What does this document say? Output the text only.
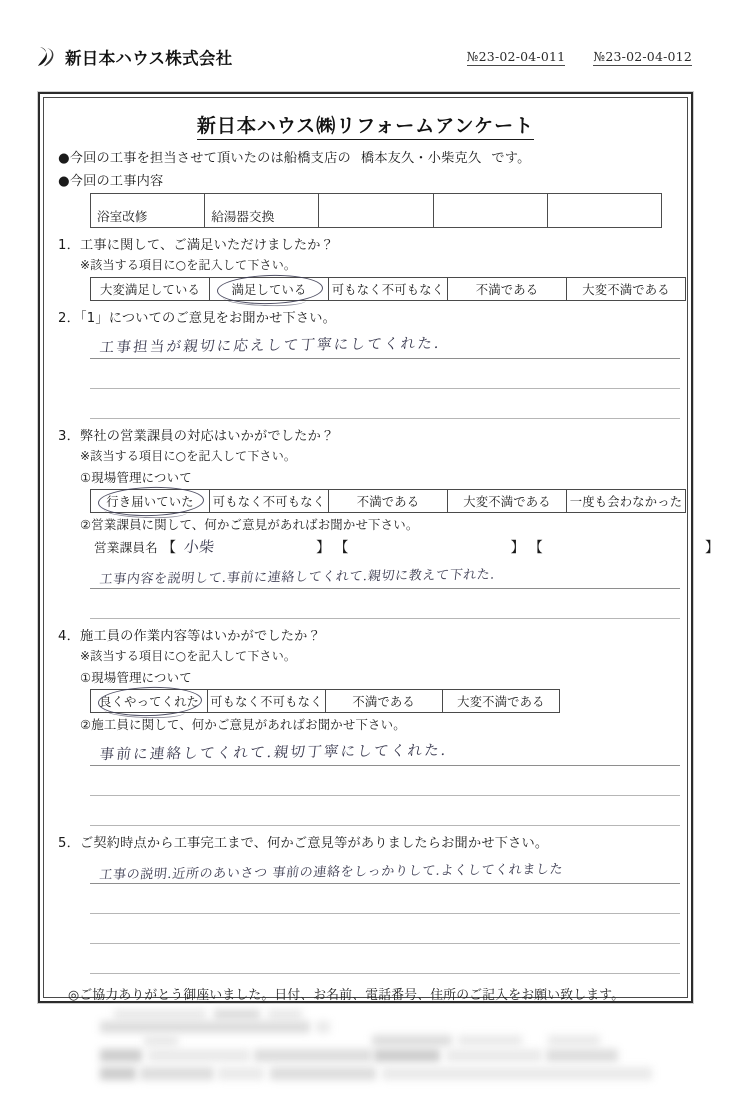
新日本ハウス株式会社	№23-02-04-011 №23-02-04-012
新日本ハウス㈱リフォームアンケート
●今回の工事を担当させて頂いたのは船橋支店の 橋本友久・小柴克久 です。
●今回の工事内容
浴室改修	給湯器交換			
1．工事に関して、ご満足いただけましたか？
※該当する項目に○を記入して下さい。
大変満足している	満足している	可もなく不可もなく	不満である	大変不満である
2．「1」についてのご意見をお聞かせ下さい。
工事担当が親切に応えして丁寧にしてくれた.
3．弊社の営業課員の対応はいかがでしたか？
※該当する項目に○を記入して下さい。
①現場管理について
行き届いていた	可もなく不可もなく	不満である	大変不満である	一度も会わなかった
②営業課員に関して、何かご意見があればお聞かせ下さい。
営業課員名 【 小柴	】 【	】 【	】
工事内容を説明して.事前に連絡してくれて.親切に教えて下れた.
4．施工員の作業内容等はいかがでしたか？
※該当する項目に○を記入して下さい。
①現場管理について
良くやってくれた	可もなく不可もなく	不満である	大変不満である
②施工員に関して、何かご意見があればお聞かせ下さい。
事前に連絡してくれて.親切丁寧にしてくれた.
5．ご契約時点から工事完工まで、何かご意見等がありましたらお聞かせ下さい。
工事の説明.近所のあいさつ 事前の連絡をしっかりして.よくしてくれました
◎ご協力ありがとう御座いました。日付、お名前、電話番号、住所のご記入をお願い致します。
